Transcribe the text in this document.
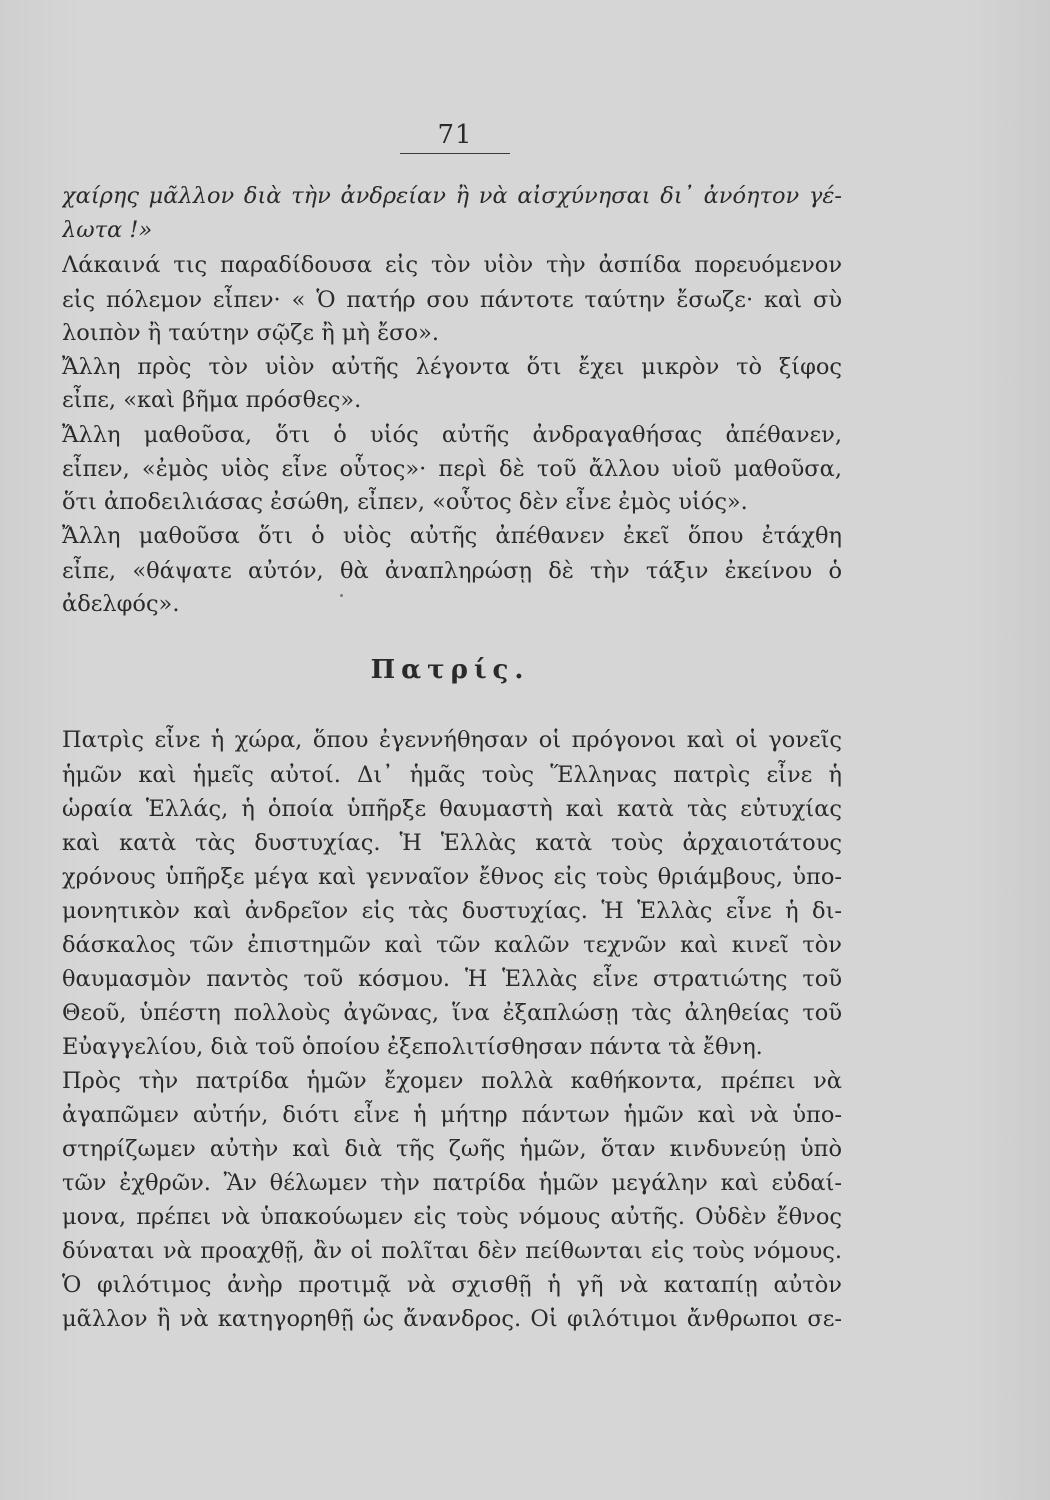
71
χαίρης μᾶλλον διὰ τὴν ἀνδρείαν ἢ νὰ αἰσχύνησαι δι᾽ ἀνόητον γέ-
λωτα !»
Λάκαινά τις παραδίδουσα εἰς τὸν υἱὸν τὴν ἀσπίδα πορευόμενον
εἰς πόλεμον εἶπεν· « Ὁ πατήρ σου πάντοτε ταύτην ἔσωζε· καὶ σὺ
λοιπὸν ἢ ταύτην σῷζε ἢ μὴ ἔσο».
Ἄλλη πρὸς τὸν υἱὸν αὐτῆς λέγοντα ὅτι ἔχει μικρὸν τὸ ξίφος
εἶπε, «καὶ βῆμα πρόσθες».
Ἄλλη μαθοῦσα, ὅτι ὁ υἱός αὐτῆς ἀνδραγαθήσας ἀπέθανεν,
εἶπεν, «ἐμὸς υἱὸς εἶνε οὗτος»· περὶ δὲ τοῦ ἄλλου υἱοῦ μαθοῦσα,
ὅτι ἀποδειλιάσας ἐσώθη, εἶπεν, «οὗτος δὲν εἶνε ἐμὸς υἱός».
Ἄλλη μαθοῦσα ὅτι ὁ υἱὸς αὐτῆς ἀπέθανεν ἐκεῖ ὅπου ἐτάχθη
εἶπε, «θάψατε αὐτόν, θὰ ἀναπληρώσῃ δὲ τὴν τάξιν ἐκείνου ὁ
ἀδελφός».
Πατρίς.
Πατρὶς εἶνε ἡ χώρα, ὅπου ἐγεννήθησαν οἱ πρόγονοι καὶ οἱ γονεῖς
ἡμῶν καὶ ἡμεῖς αὐτοί. Δι᾽ ἡμᾶς τοὺς Ἕλληνας πατρὶς εἶνε ἡ
ὡραία Ἑλλάς, ἡ ὁποία ὑπῆρξε θαυμαστὴ καὶ κατὰ τὰς εὐτυχίας
καὶ κατὰ τὰς δυστυχίας. Ἡ Ἑλλὰς κατὰ τοὺς ἀρχαιοτάτους
χρόνους ὑπῆρξε μέγα καὶ γενναῖον ἔθνος εἰς τοὺς θριάμβους, ὑπο-
μονητικὸν καὶ ἀνδρεῖον εἰς τὰς δυστυχίας. Ἡ Ἑλλὰς εἶνε ἡ δι-
δάσκαλος τῶν ἐπιστημῶν καὶ τῶν καλῶν τεχνῶν καὶ κινεῖ τὸν
θαυμασμὸν παντὸς τοῦ κόσμου. Ἡ Ἑλλὰς εἶνε στρατιώτης τοῦ
Θεοῦ, ὑπέστη πολλοὺς ἀγῶνας, ἵνα ἐξαπλώσῃ τὰς ἀληθείας τοῦ
Εὐαγγελίου, διὰ τοῦ ὁποίου ἐξεπολιτίσθησαν πάντα τὰ ἔθνη.
Πρὸς τὴν πατρίδα ἡμῶν ἔχομεν πολλὰ καθήκοντα, πρέπει νὰ
ἀγαπῶμεν αὐτήν, διότι εἶνε ἡ μήτηρ πάντων ἡμῶν καὶ νὰ ὑπο-
στηρίζωμεν αὐτὴν καὶ διὰ τῆς ζωῆς ἡμῶν, ὅταν κινδυνεύῃ ὑπὸ
τῶν ἐχθρῶν. Ἂν θέλωμεν τὴν πατρίδα ἡμῶν μεγάλην καὶ εὐδαί-
μονα, πρέπει νὰ ὑπακούωμεν εἰς τοὺς νόμους αὐτῆς. Οὐδὲν ἔθνος
δύναται νὰ προαχθῇ, ἂν οἱ πολῖται δὲν πείθωνται εἰς τοὺς νόμους.
Ὁ φιλότιμος ἀνὴρ προτιμᾷ νὰ σχισθῇ ἡ γῆ νὰ καταπίῃ αὐτὸν
μᾶλλον ἢ νὰ κατηγορηθῇ ὡς ἄνανδρος. Οἱ φιλότιμοι ἄνθρωποι σε-
